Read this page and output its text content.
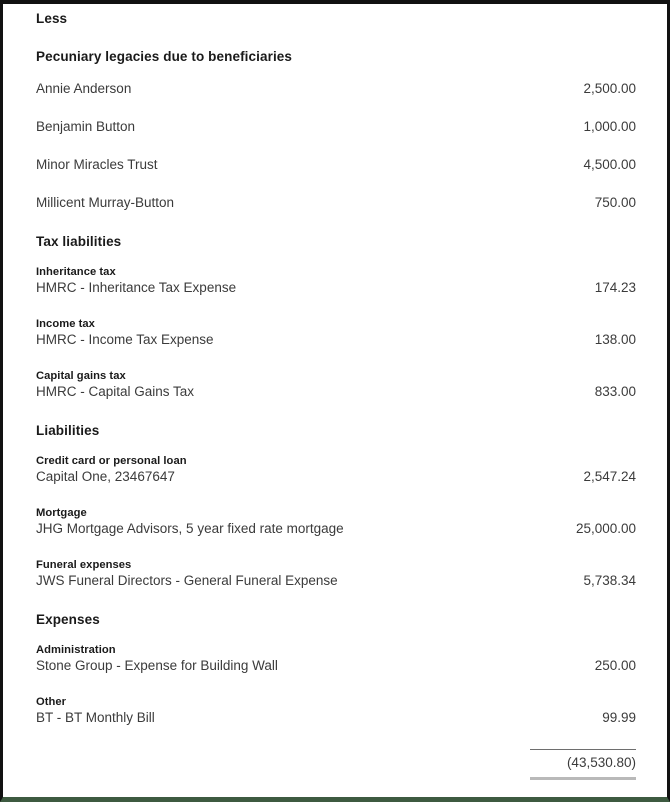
Less
Pecuniary legacies due to beneficiaries
Annie Anderson	2,500.00
Benjamin Button	1,000.00
Minor Miracles Trust	4,500.00
Millicent Murray-Button	750.00
Tax liabilities
Inheritance tax
HMRC - Inheritance Tax Expense	174.23
Income tax
HMRC - Income Tax Expense	138.00
Capital gains tax
HMRC - Capital Gains Tax	833.00
Liabilities
Credit card or personal loan
Capital One, 23467647	2,547.24
Mortgage
JHG Mortgage Advisors, 5 year fixed rate mortgage	25,000.00
Funeral expenses
JWS Funeral Directors - General Funeral Expense	5,738.34
Expenses
Administration
Stone Group - Expense for Building Wall	250.00
Other
BT - BT Monthly Bill	99.99
(43,530.80)
